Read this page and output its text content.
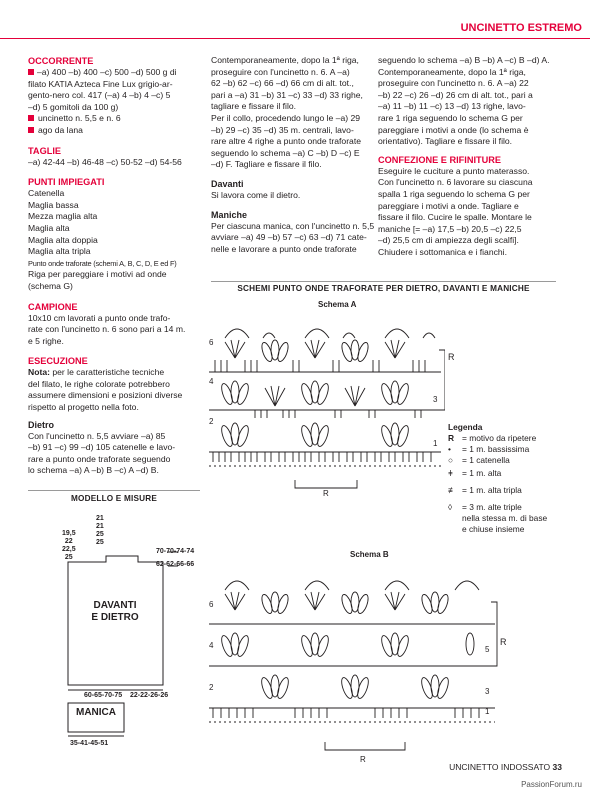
UNCINETTO ESTREMO

OCCORRENTE

–a) 400 –b) 400 –c) 500 –d) 500 g di

filato KATIA Azteca Fine Lux grigio-ar-

gento-nero col. 417 (–a) 4 –b) 4 –c) 5

–d) 5 gomitoli da 100 g)

uncinetto n. 5,5 e n. 6

ago da lana

TAGLIE

–a) 42-44 –b) 46-48 –c) 50-52 –d) 54-56

PUNTI IMPIEGATI

Catenella

Maglia bassa

Mezza maglia alta

Maglia alta

Maglia alta doppia

Maglia alta tripla

Punto onde traforate (schemi A, B, C, D, E ed F)

Riga per pareggiare i motivi ad onde

(schema G)

CAMPIONE

10x10 cm lavorati a punto onde trafo-

rate con l'uncinetto n. 6 sono pari a 14 m.

e 5 righe.

ESECUZIONE

Nota: per le caratteristiche tecniche

del filato, le righe colorate potrebbero

assumere dimensioni e posizioni diverse

rispetto al progetto nella foto.

Dietro

Con l'uncinetto n. 5,5 avviare –a) 85

–b) 91 –c) 99 –d) 105 catenelle e lavo-

rare a punto onde traforate seguendo

lo schema –a) A –b) B –c) A –d) B.

Contemporaneamente, dopo la 1ª riga,

proseguire con l'uncinetto n. 6. A –a)

62 –b) 62 –c) 66 –d) 66 cm di alt. tot.,

pari a –a) 31 –b) 31 –c) 33 –d) 33 righe,

tagliare e fissare il filo.

Per il collo, procedendo lungo le –a) 29

–b) 29 –c) 35 –d) 35 m. centrali, lavo-

rare altre 4 righe a punto onde traforate

seguendo lo schema –a) C –b) D –c) E

–d) F. Tagliare e fissare il filo.

Davanti

Si lavora come il dietro.

Maniche

Per ciascuna manica, con l'uncinetto n. 5,5

avviare –a) 49 –b) 57 –c) 63 –d) 71 cate-

nelle e lavorare a punto onde traforate

seguendo lo schema –a) B –b) A –c) B –d) A.

Contemporaneamente, dopo la 1ª riga,

proseguire con l'uncinetto n. 6. A –a) 22

–b) 22 –c) 26 –d) 26 cm di alt. tot., pari a

–a) 11 –b) 11 –c) 13 –d) 13 righe, lavo-

rare 1 riga seguendo lo schema G per

pareggiare i motivi a onde (lo schema è

orientativo). Tagliare e fissare il filo.

CONFEZIONE E RIFINITURE

Eseguire le cuciture a punto materasso.

Con l'uncinetto n. 6 lavorare su ciascuna

spalla 1 riga seguendo lo schema G per

pareggiare i motivi a onde. Tagliare e

fissare il filo. Cucire le spalle. Montare le

maniche [= –a) 17,5 –b) 20,5 –c) 22,5

–d) 25,5 cm di ampiezza degli scalfi].

Chiudere i sottomanica e i fianchi.

SCHEMI PUNTO ONDE TRAFORATE PER DIETRO, DAVANTI E MANICHE
Schema A
6
4
2
3
1
R
R
Legenda
R = motivo da ripetere
• = 1 m. bassissima
○ = 1 catenella
ǂ = 1 m. alta
≢ = 1 m. alta tripla
◊ = 3 m. alte triple
nella stessa m. di base
e chiuse insieme
Schema B
6
4
2
5
3
1
R
R
MODELLO E MISURE
21
21
25
25
19,5
22
22,5
25
70-70-74-74
62-62-66-66
DAVANTI
E DIETRO
60-65-70-75
MANICA
22-22-26-26
35-41-45-51
UNCINETTO INDOSSATO 33
PassionForum.ru
